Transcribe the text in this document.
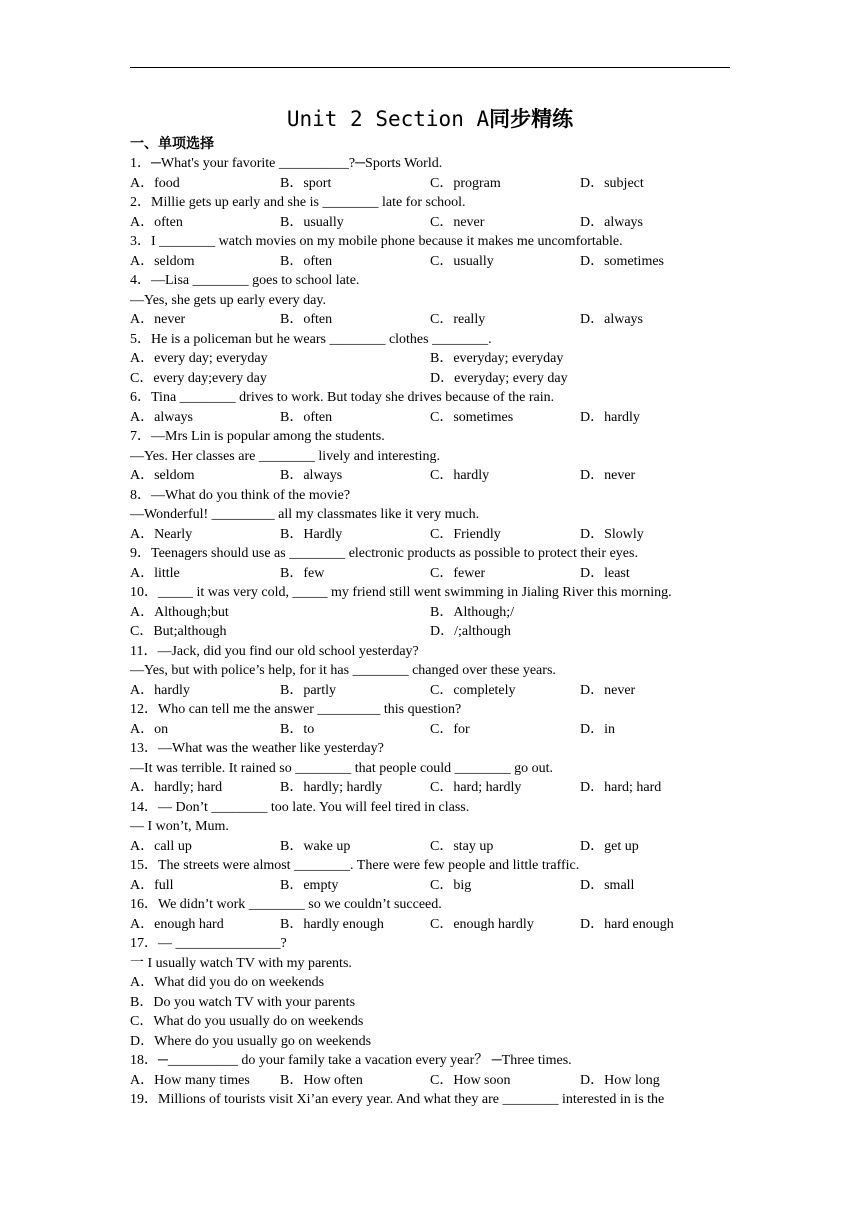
Unit 2 Section A同步精练
一、单项选择
1．─What's your favorite __________?─Sports World.
A．food	B．sport	C．program	D．subject
2．Millie gets up early and she is ________ late for school.
A．often	B．usually	C．never	D．always
3．I ________ watch movies on my mobile phone because it makes me uncomfortable.
A．seldom	B．often	C．usually	D．sometimes
4．—Lisa ________ goes to school late.
—Yes, she gets up early every day.
A．never	B．often	C．really	D．always
5．He is a policeman but he wears ________ clothes ________.
A．every day; everyday	B．everyday; everyday
C．every day;every day	D．everyday; every day
6．Tina ________ drives to work. But today she drives because of the rain.
A．always	B．often	C．sometimes	D．hardly
7．—Mrs Lin is popular among the students.
—Yes. Her classes are ________ lively and interesting.
A．seldom	B．always	C．hardly	D．never
8．—What do you think of the movie?
—Wonderful! _________ all my classmates like it very much.
A．Nearly	B．Hardly	C．Friendly	D．Slowly
9．Teenagers should use as ________ electronic products as possible to protect their eyes.
A．little	B．few	C．fewer	D．least
10．_____ it was very cold, _____ my friend still went swimming in Jialing River this morning.
A．Although;but	B．Although;/
C．But;although	D．/;although
11．—Jack, did you find our old school yesterday?
—Yes, but with police’s help, for it has ________ changed over these years.
A．hardly	B．partly	C．completely	D．never
12．Who can tell me the answer _________ this question?
A．on	B．to	C．for	D．in
13．—What was the weather like yesterday?
—It was terrible. It rained so ________ that people could ________ go out.
A．hardly; hard	B．hardly; hardly	C．hard; hardly	D．hard; hard
14．— Don’t ________ too late. You will feel tired in class.
— I won’t, Mum.
A．call up	B．wake up	C．stay up	D．get up
15．The streets were almost ________. There were few people and little traffic.
A．full	B．empty	C．big	D．small
16．We didn’t work ________ so we couldn’t succeed.
A．enough hard	B．hardly enough	C．enough hardly	D．hard enough
17．— _______________?
一 I usually watch TV with my parents.
A．What did you do on weekends
B．Do you watch TV with your parents
C．What do you usually do on weekends
D．Where do you usually go on weekends
18．─__________ do your family take a vacation every year？ ─Three times.
A．How many times B．How often	C．How soon	D．How long
19．Millions of tourists visit Xi’an every year. And what they are ________ interested in is the
